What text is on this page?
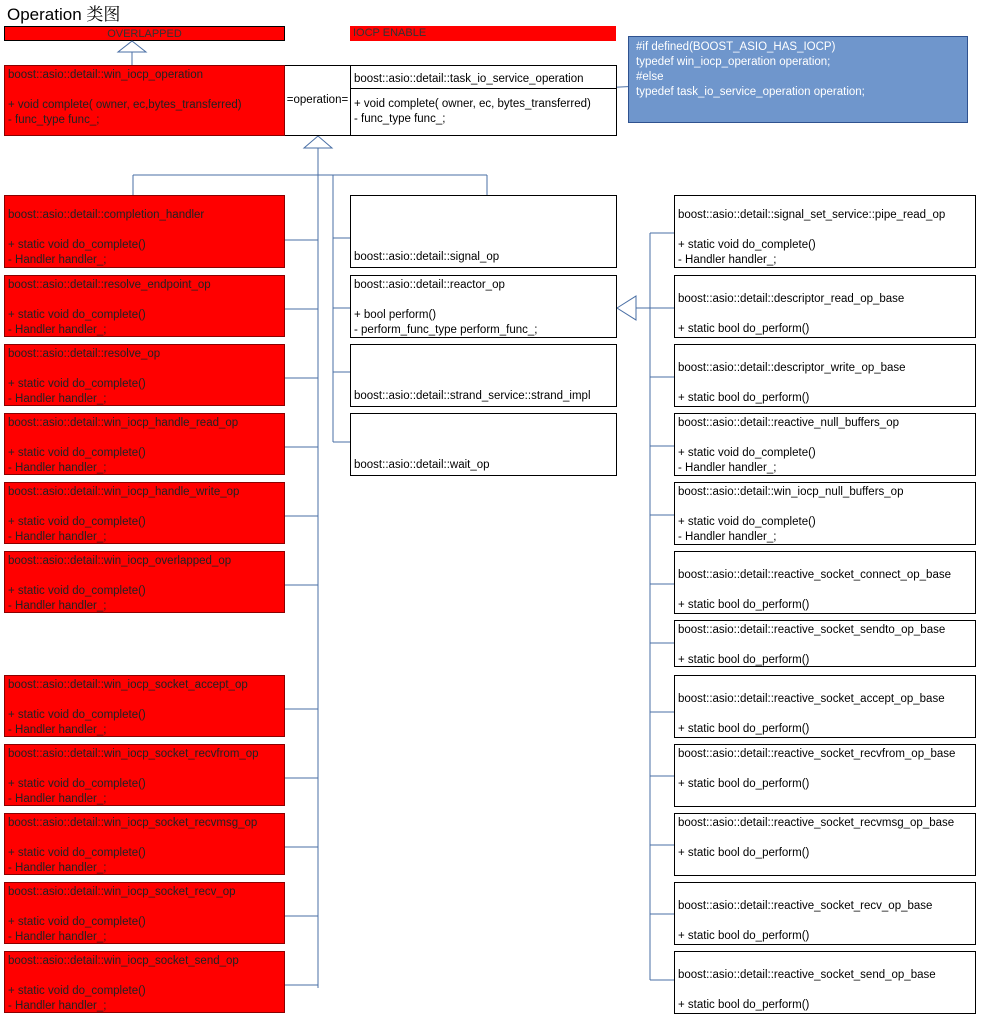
Operation 类图
OVERLAPPED	IOCP ENABLE
#if defined(BOOST_ASIO_HAS_IOCP)
typedef win_iocp_operation operation;
#else
typedef task_io_service_operation operation;
boost::asio::detail::win_iocp_operation
+ void complete( owner, ec,bytes_transferred)
- func_type func_;
=operation=
boost::asio::detail::task_io_service_operation
+ void complete( owner, ec, bytes_transferred)
- func_type func_;
boost::asio::detail::completion_handler
+ static void do_complete()
- Handler handler_;
boost::asio::detail::resolve_endpoint_op
+ static void do_complete()
- Handler handler_;
boost::asio::detail::resolve_op
+ static void do_complete()
- Handler handler_;
boost::asio::detail::win_iocp_handle_read_op
+ static void do_complete()
- Handler handler_;
boost::asio::detail::win_iocp_handle_write_op
+ static void do_complete()
- Handler handler_;
boost::asio::detail::win_iocp_overlapped_op
+ static void do_complete()
- Handler handler_;
boost::asio::detail::win_iocp_socket_accept_op
+ static void do_complete()
- Handler handler_;
boost::asio::detail::win_iocp_socket_recvfrom_op
+ static void do_complete()
- Handler handler_;
boost::asio::detail::win_iocp_socket_recvmsg_op
+ static void do_complete()
- Handler handler_;
boost::asio::detail::win_iocp_socket_recv_op
+ static void do_complete()
- Handler handler_;
boost::asio::detail::win_iocp_socket_send_op
+ static void do_complete()
- Handler handler_;
boost::asio::detail::signal_op
boost::asio::detail::reactor_op
+ bool perform()
- perform_func_type perform_func_;
boost::asio::detail::strand_service::strand_impl
boost::asio::detail::wait_op
boost::asio::detail::signal_set_service::pipe_read_op
+ static void do_complete()
- Handler handler_;
boost::asio::detail::descriptor_read_op_base
+ static bool do_perform()
boost::asio::detail::descriptor_write_op_base
+ static bool do_perform()
boost::asio::detail::reactive_null_buffers_op
+ static void do_complete()
- Handler handler_;
boost::asio::detail::win_iocp_null_buffers_op
+ static void do_complete()
- Handler handler_;
boost::asio::detail::reactive_socket_connect_op_base
+ static bool do_perform()
boost::asio::detail::reactive_socket_sendto_op_base
+ static bool do_perform()
boost::asio::detail::reactive_socket_accept_op_base
+ static bool do_perform()
boost::asio::detail::reactive_socket_recvfrom_op_base
+ static bool do_perform()
boost::asio::detail::reactive_socket_recvmsg_op_base
+ static bool do_perform()
boost::asio::detail::reactive_socket_recv_op_base
+ static bool do_perform()
boost::asio::detail::reactive_socket_send_op_base
+ static bool do_perform()
